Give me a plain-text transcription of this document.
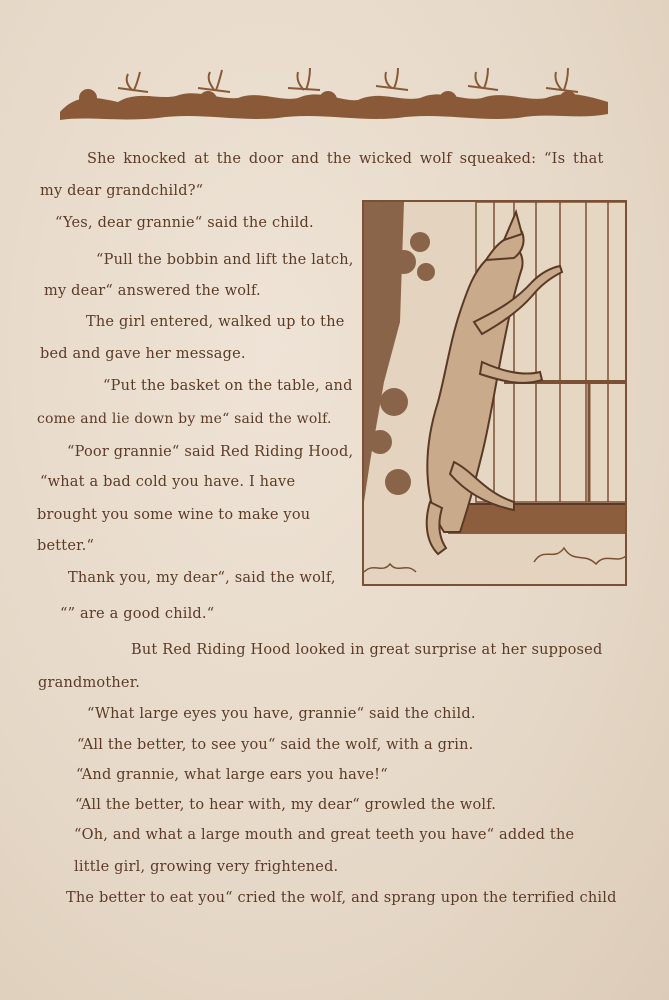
She knocked at the door and the wicked wolf squeaked: “Is that
my dear grandchild?“
“Yes, dear grannie“ said the child.
“Pull the bobbin and lift the latch,
my dear“ answered the wolf.
The girl entered, walked up to the
bed and gave her message.
“Put the basket on the table, and
come and lie down by me“ said the wolf.
“Poor grannie“ said Red Riding Hood,
“what a bad cold you have. I have
brought you some wine to make you
better.“
Thank you, my dear“, said the wolf,
“” are a good child.“
But Red Riding Hood looked in great surprise at her supposed
grandmother.
“What large eyes you have, grannie“ said the child.
“All the better, to see you“ said the wolf, with a grin.
“And grannie, what large ears you have!“
“All the better, to hear with, my dear“ growled the wolf.
“Oh, and what a large mouth and great teeth you have“ added the
little girl, growing very frightened.
The better to eat you“ cried the wolf, and sprang upon the terrified child
